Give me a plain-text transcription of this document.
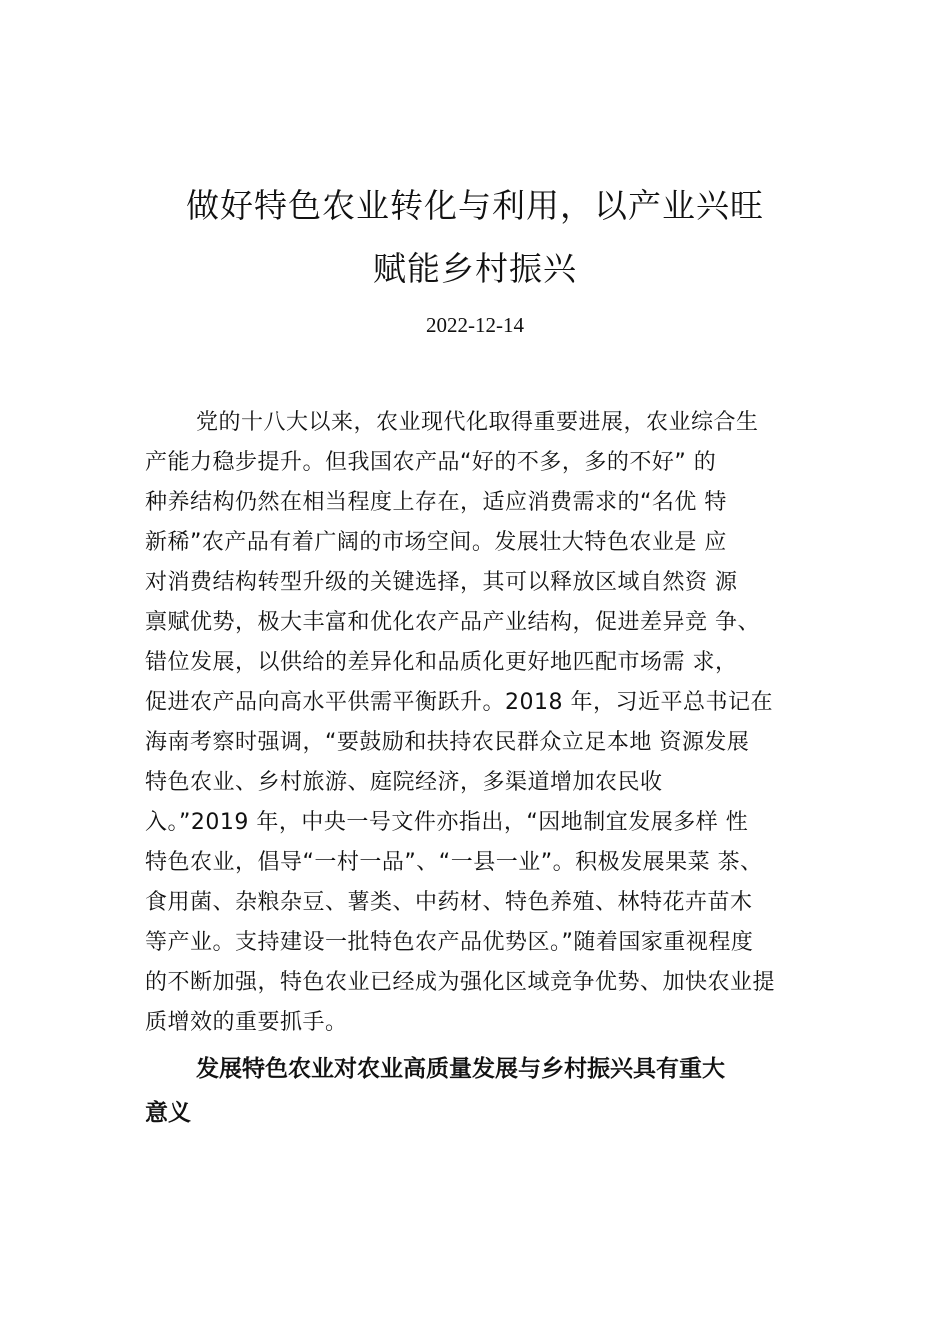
做好特色农业转化与利用，以产业兴旺
赋能乡村振兴
2022-12-14
党的十八大以来，农业现代化取得重要进展，农业综合生
产能力稳步提升。但我国农产品“好的不多，多的不好” 的
种养结构仍然在相当程度上存在，适应消费需求的“名优 特
新稀”农产品有着广阔的市场空间。发展壮大特色农业是 应
对消费结构转型升级的关键选择，其可以释放区域自然资 源
禀赋优势，极大丰富和优化农产品产业结构，促进差异竞 争、
错位发展，以供给的差异化和品质化更好地匹配市场需 求，
促进农产品向高水平供需平衡跃升。2018 年，习近平总书记在
海南考察时强调，“要鼓励和扶持农民群众立足本地 资源发展
特色农业、乡村旅游、庭院经济，多渠道增加农民收
入。”2019 年，中央一号文件亦指出，“因地制宜发展多样 性
特色农业，倡导“一村一品”、“一县一业”。积极发展果菜 茶、
食用菌、杂粮杂豆、薯类、中药材、特色养殖、林特花卉苗木
等产业。支持建设一批特色农产品优势区。”随着国家重视程度
的不断加强，特色农业已经成为强化区域竞争优势、加快农业提
质增效的重要抓手。
发展特色农业对农业高质量发展与乡村振兴具有重大
意义
